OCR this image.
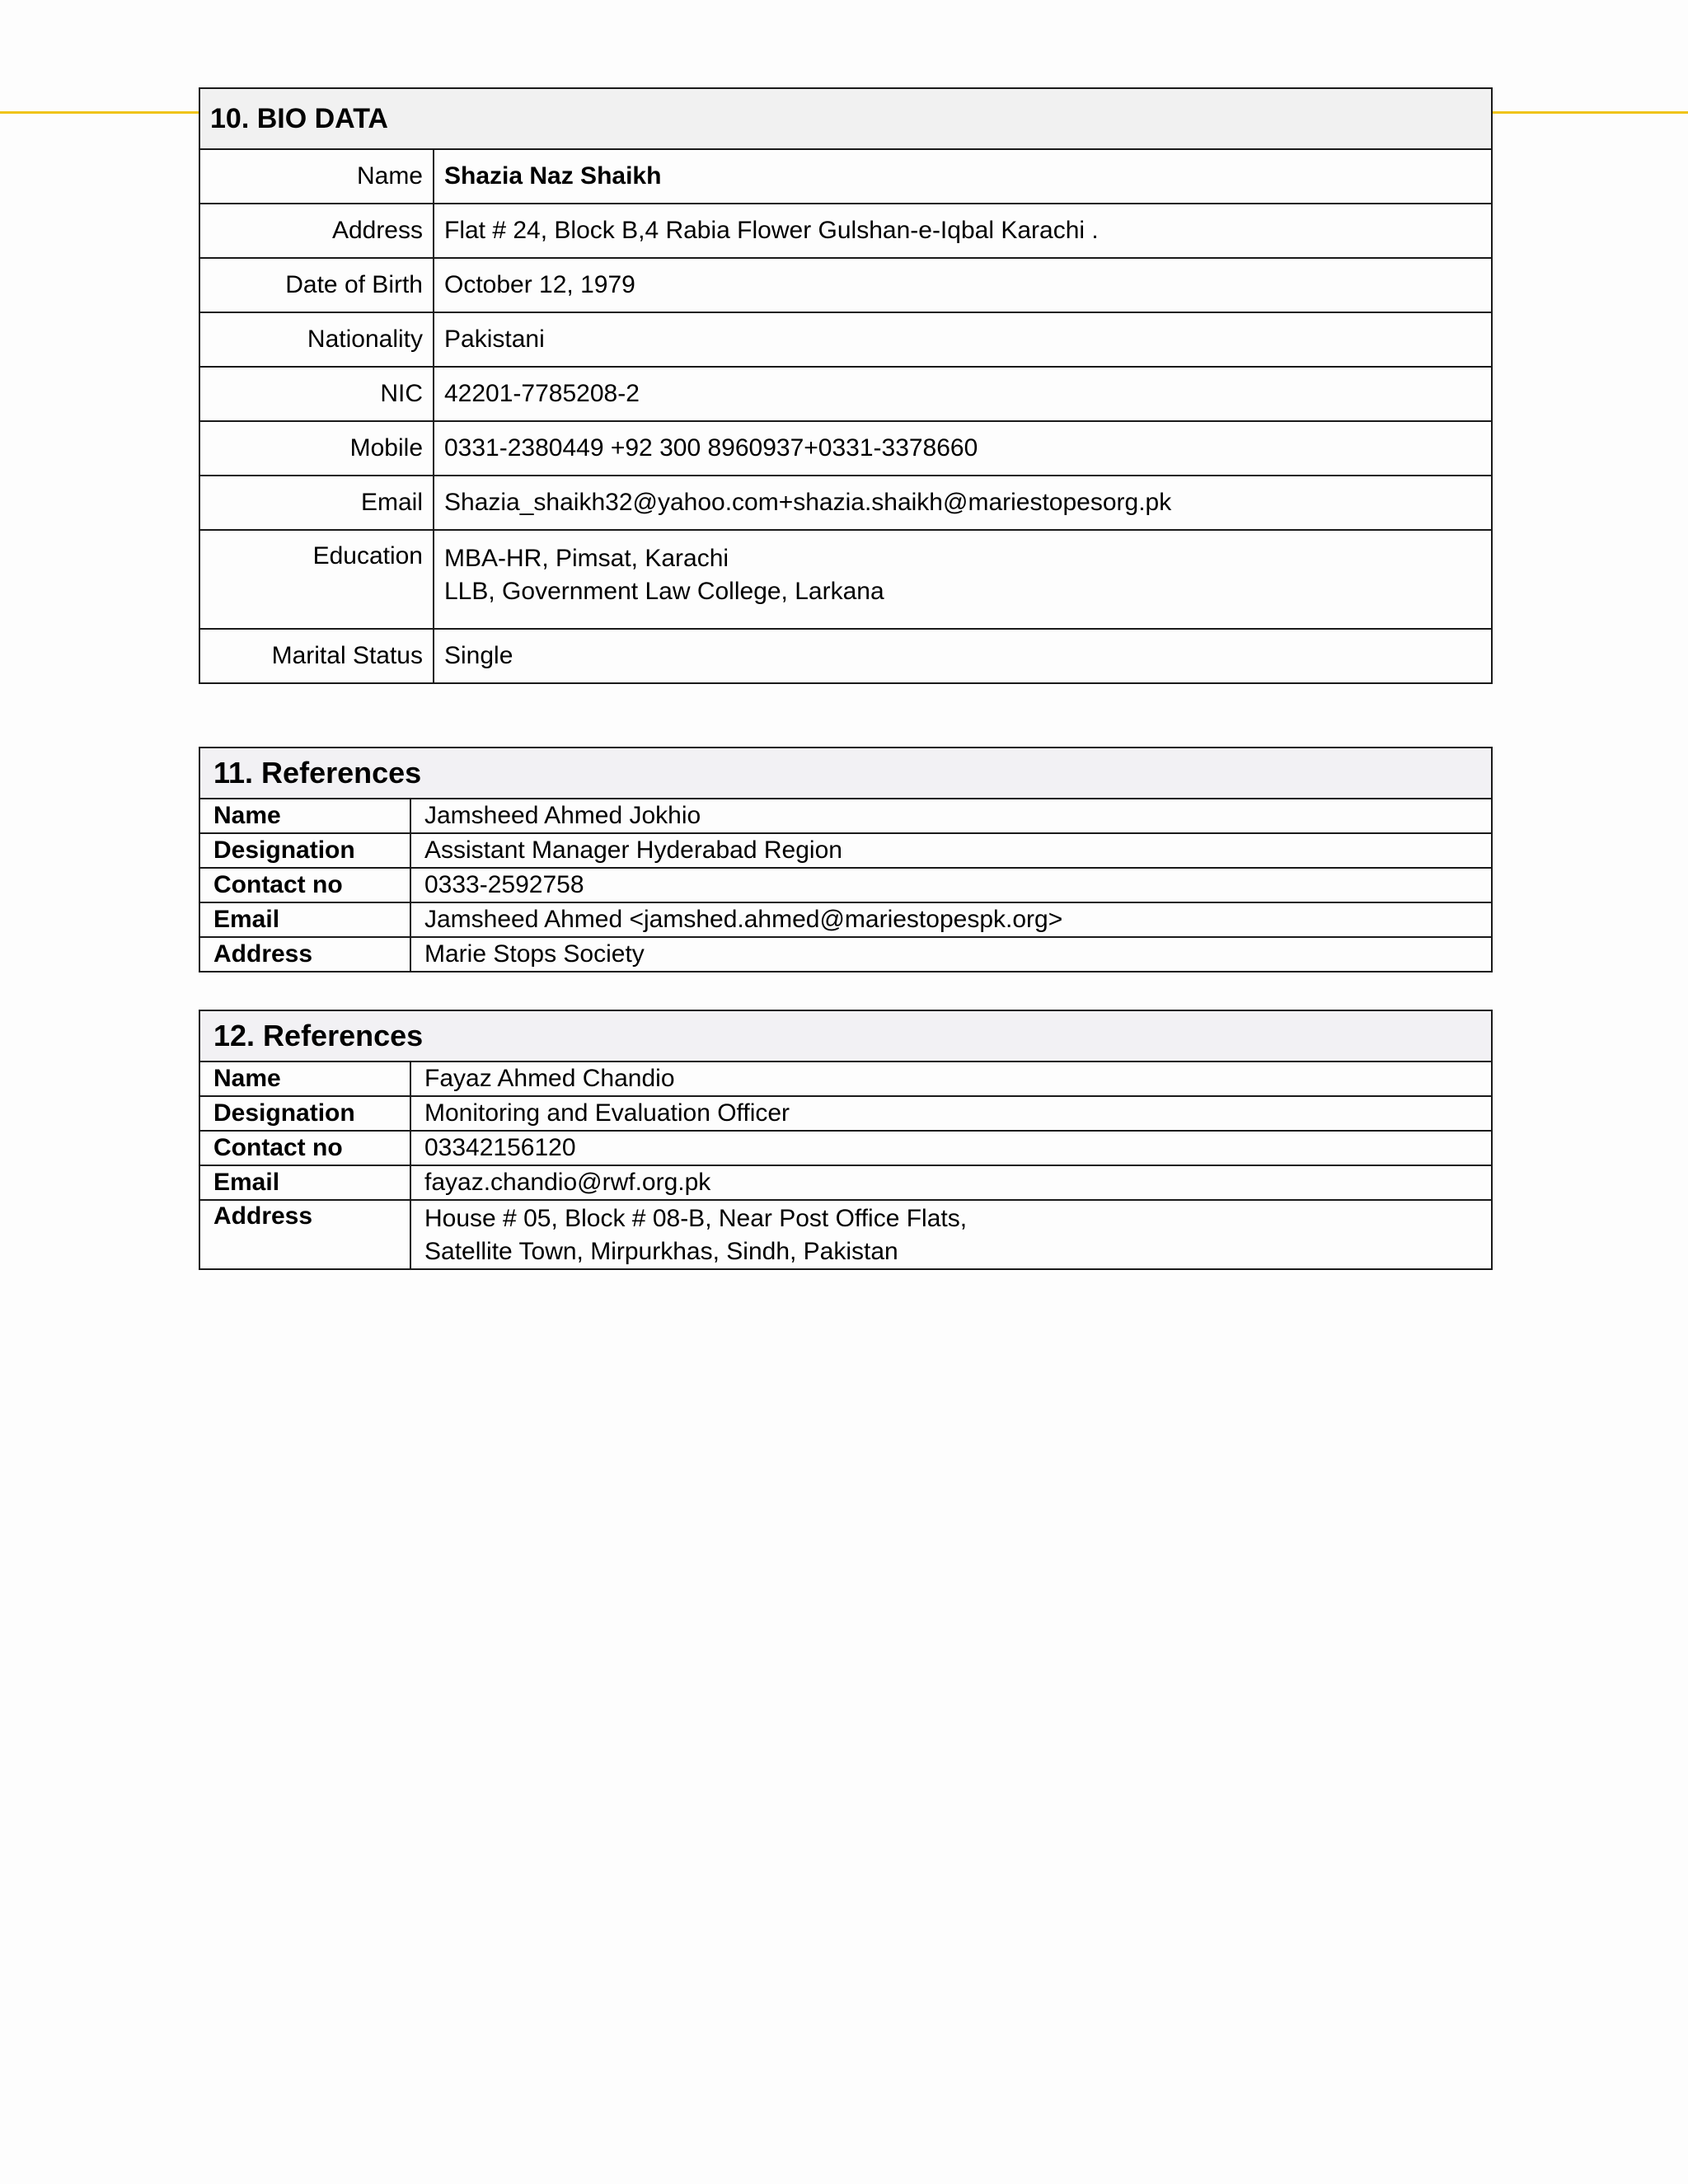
10. BIO DATA	
Name	Shazia Naz Shaikh
Address	Flat # 24, Block B,4 Rabia Flower Gulshan-e-Iqbal Karachi .
Date of Birth	October 12, 1979
Nationality	Pakistani
NIC	42201-7785208-2
Mobile	0331-2380449 +92 300 8960937+0331-3378660
Email	Shazia_shaikh32@yahoo.com+shazia.shaikh@mariestopesorg.pk
Education	MBA-HR, Pimsat, Karachi
LLB, Government Law College, Larkana

Marital Status	Single
11. References	
Name	Jamsheed Ahmed Jokhio
Designation	Assistant Manager Hyderabad Region
Contact no	0333-2592758
Email	Jamsheed Ahmed <jamshed.ahmed@mariestopespk.org>
Address	Marie Stops Society
12. References	
Name	Fayaz Ahmed Chandio
Designation	Monitoring and Evaluation Officer
Contact no	03342156120
Email	fayaz.chandio@rwf.org.pk
Address	House # 05, Block # 08-B, Near Post Office Flats,
Satellite Town, Mirpurkhas, Sindh, Pakistan
